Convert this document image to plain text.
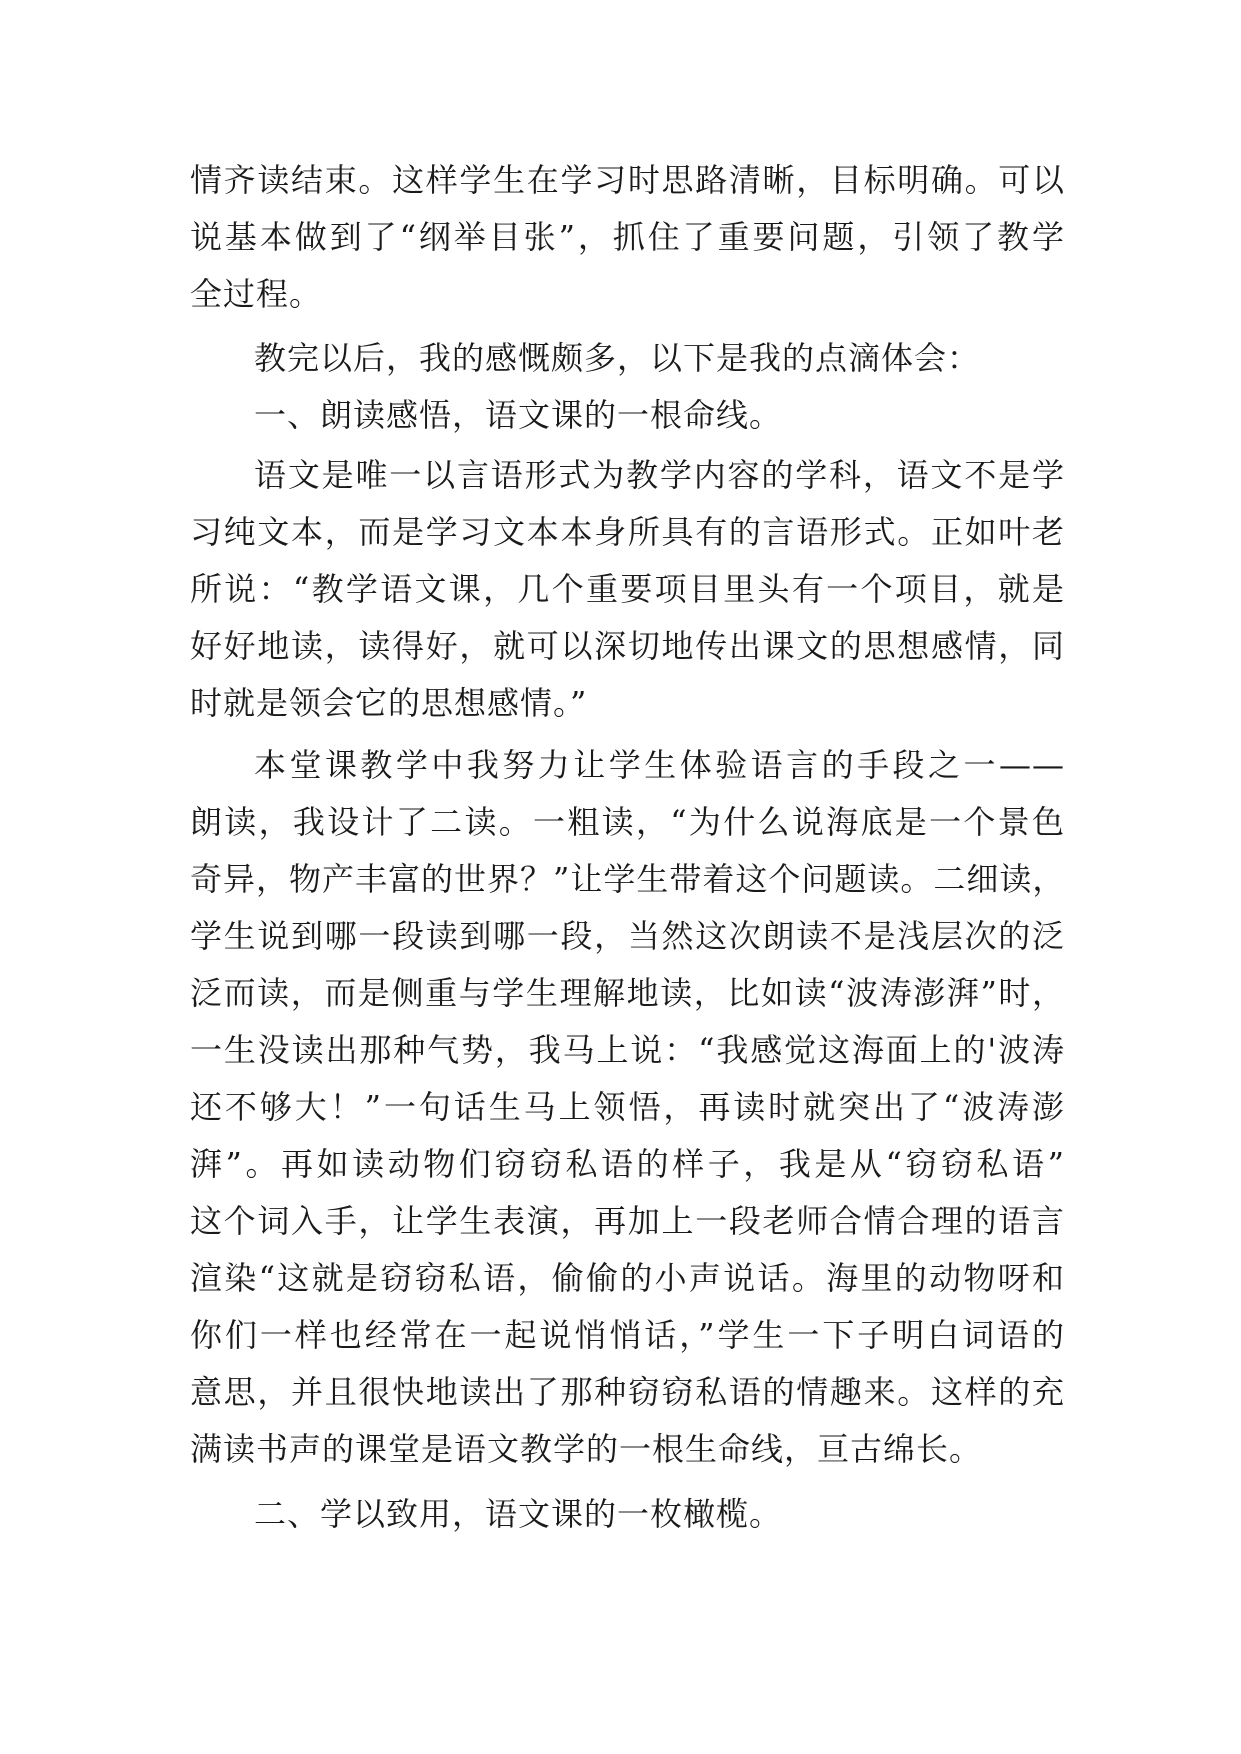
情齐读结束。这样学生在学习时思路清晰，目标明确。可以
说基本做到了“纲举目张”，抓住了重要问题，引领了教学
全过程。
教完以后，我的感慨颇多，以下是我的点滴体会：
一、朗读感悟，语文课的一根命线。
语文是唯一以言语形式为教学内容的学科，语文不是学
习纯文本，而是学习文本本身所具有的言语形式。正如叶老
所说：“教学语文课，几个重要项目里头有一个项目，就是
好好地读，读得好，就可以深切地传出课文的思想感情，同
时就是领会它的思想感情。”
本堂课教学中我努力让学生体验语言的手段之一——
朗读，我设计了二读。一粗读，“为什么说海底是一个景色
奇异，物产丰富的世界？”让学生带着这个问题读。二细读，
学生说到哪一段读到哪一段，当然这次朗读不是浅层次的泛
泛而读，而是侧重与学生理解地读，比如读“波涛澎湃”时，
一生没读出那种气势，我马上说：“我感觉这海面上的'波涛
还不够大！”一句话生马上领悟，再读时就突出了“波涛澎
湃”。再如读动物们窃窃私语的样子，我是从“窃窃私语”
这个词入手，让学生表演，再加上一段老师合情合理的语言
渲染“这就是窃窃私语，偷偷的小声说话。海里的动物呀和
你们一样也经常在一起说悄悄话，”学生一下子明白词语的
意思，并且很快地读出了那种窃窃私语的情趣来。这样的充
满读书声的课堂是语文教学的一根生命线，亘古绵长。
二、学以致用，语文课的一枚橄榄。
